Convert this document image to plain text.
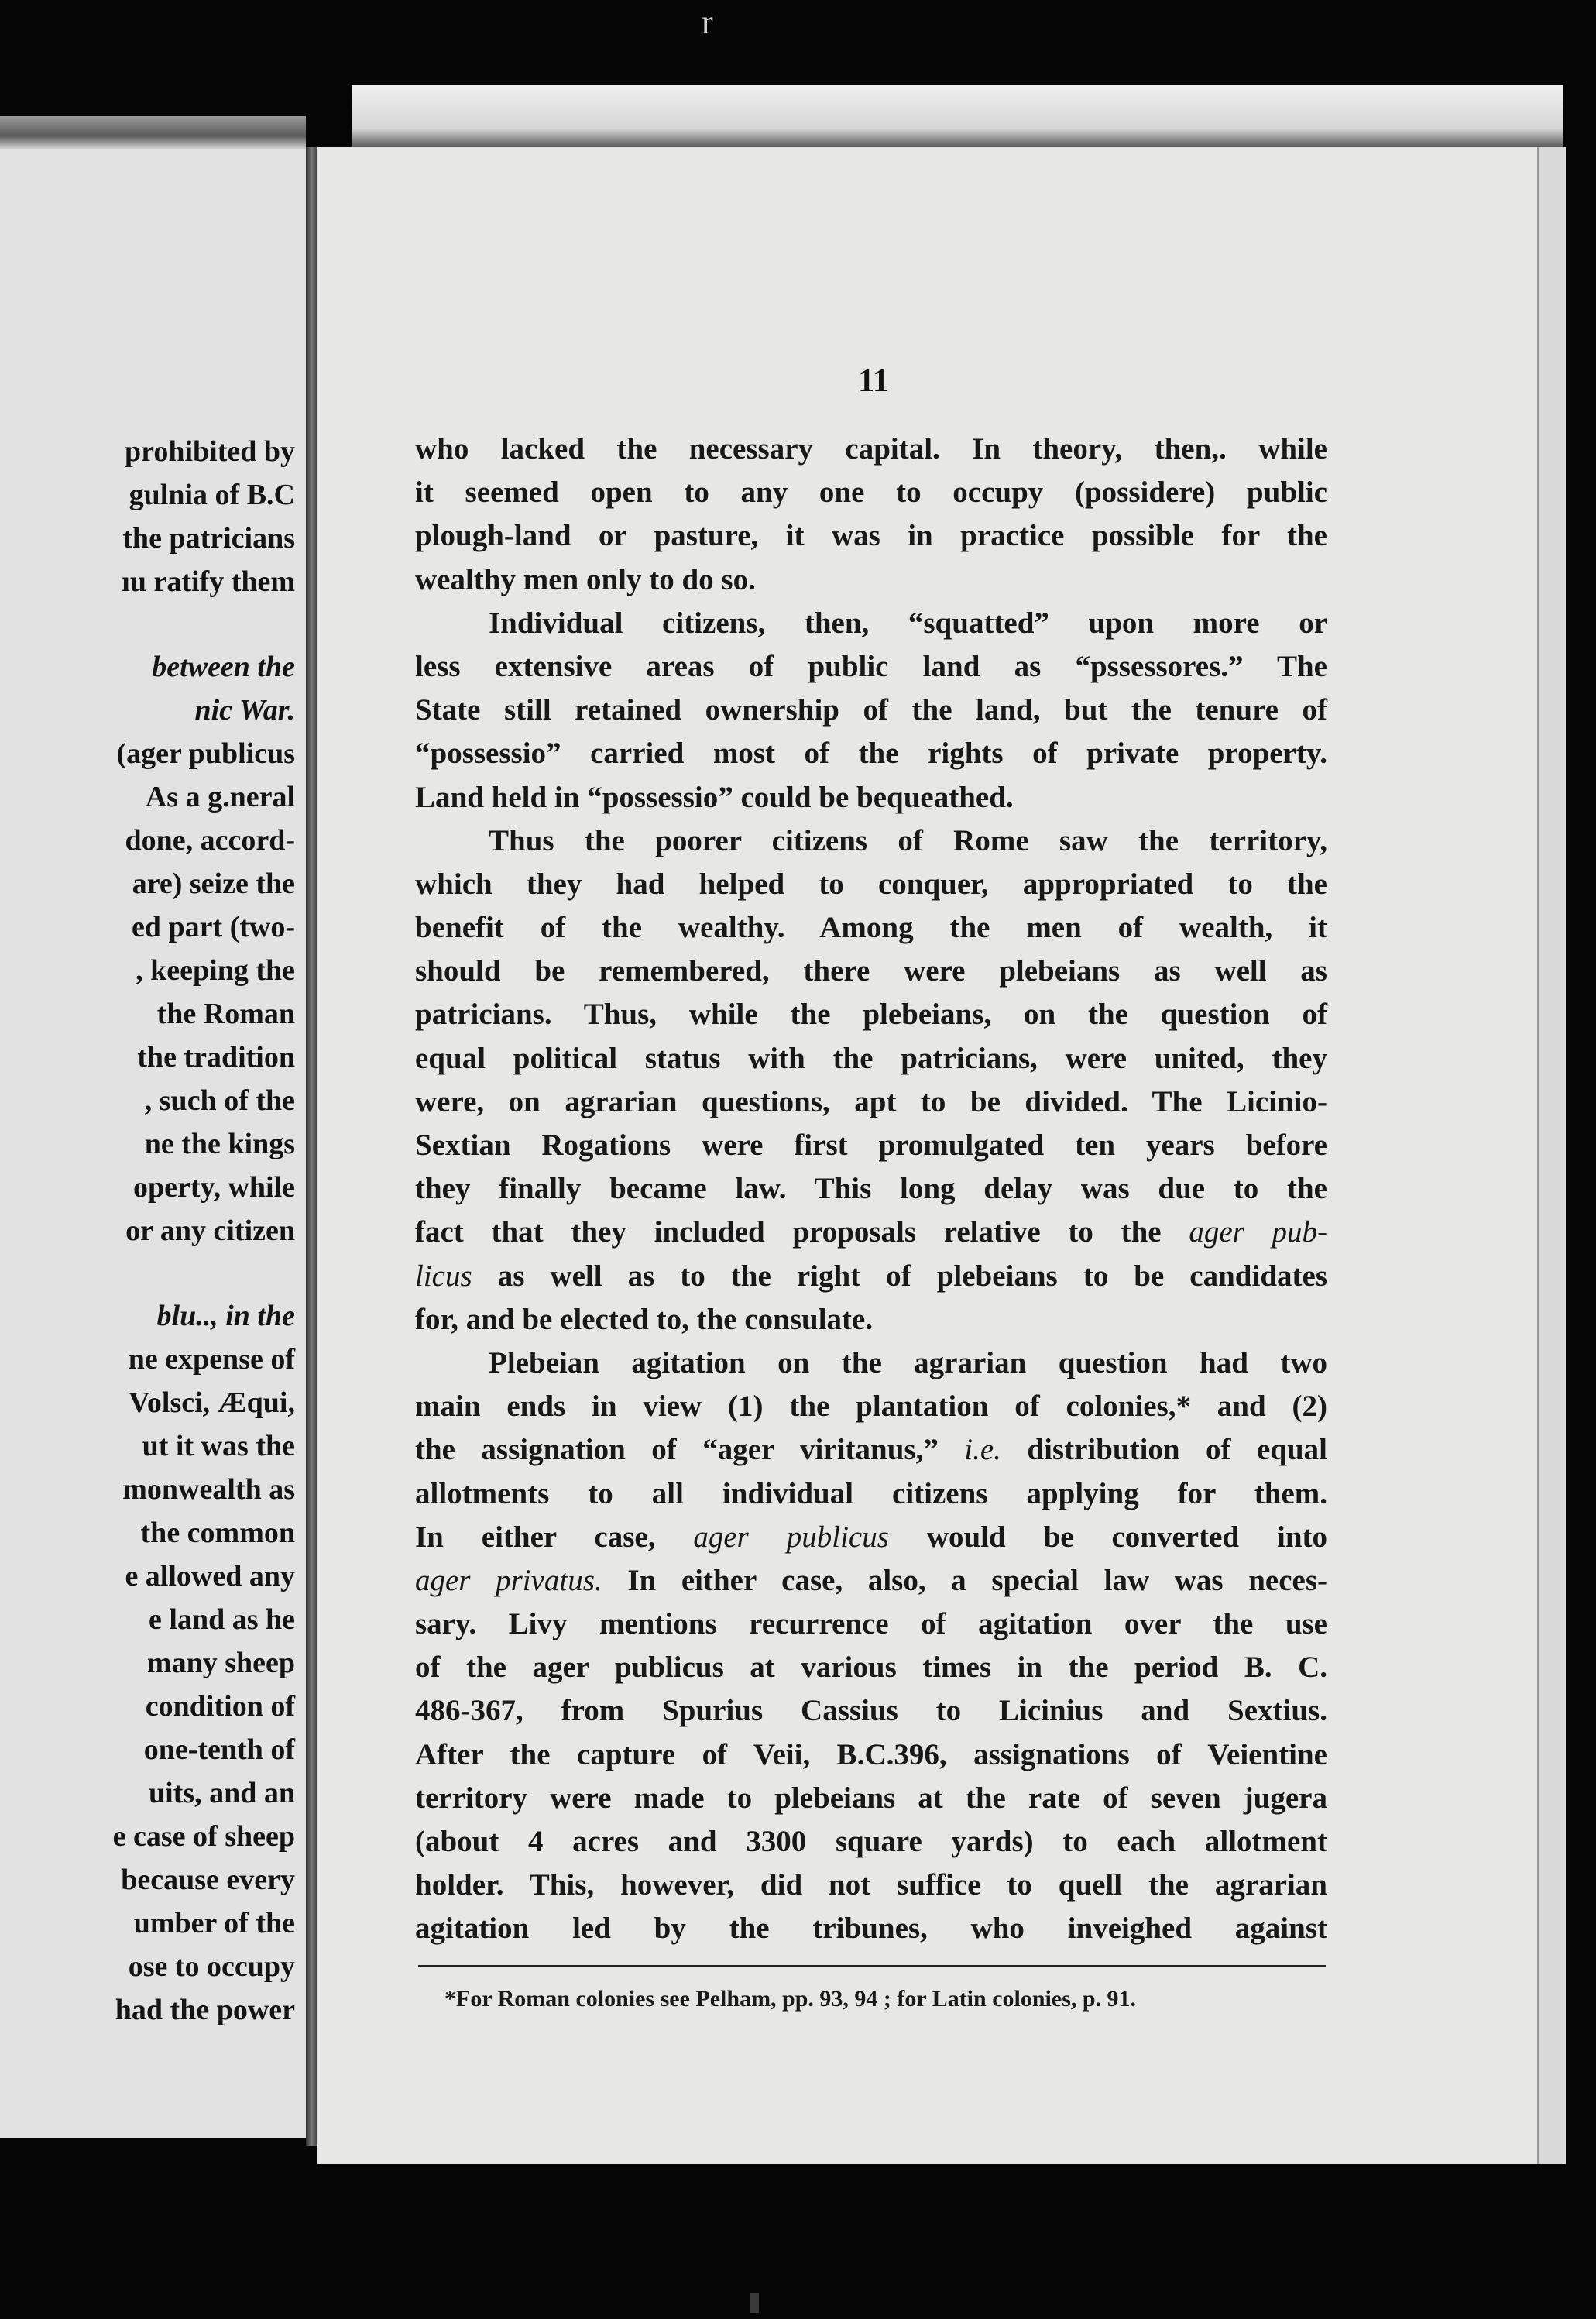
r
prohibited by
gulnia of B.C
the patricians
ıu ratify them
between the
nic War.
(ager publicus
As a g.neral
done, accord-
are) seize the
ed part (two-
, keeping the
the Roman
the tradition
, such of the
ne the kings
operty, while
or any citizen
blu.., in the
ne expense of
Volsci, Æqui,
ut it was the
monwealth as
the common
e allowed any
e land as he
many sheep
condition of
one-tenth of
uits, and an
e case of sheep
because every
umber of the
ose to occupy
had the power
11
who lacked the necessary capital. In theory, then,. while
it seemed open to any one to occupy (possidere) public
plough-land or pasture, it was in practice possible for the
wealthy men only to do so.
Individual citizens, then, “squatted” upon more or
less extensive areas of public land as “pssessores.” The
State still retained ownership of the land, but the tenure of
“possessio” carried most of the rights of private property.
Land held in “possessio” could be bequeathed.
Thus the poorer citizens of Rome saw the territory,
which they had helped to conquer, appropriated to the
benefit of the wealthy. Among the men of wealth, it
should be remembered, there were plebeians as well as
patricians. Thus, while the plebeians, on the question of
equal political status with the patricians, were united, they
were, on agrarian questions, apt to be divided. The Licinio-
Sextian Rogations were first promulgated ten years before
they finally became law. This long delay was due to the
fact that they included proposals relative to the ager pub-
licus as well as to the right of plebeians to be candidates
for, and be elected to, the consulate.
Plebeian agitation on the agrarian question had two
main ends in view (1) the plantation of colonies,* and (2)
the assignation of “ager viritanus,” i.e. distribution of equal
allotments to all individual citizens applying for them.
In either case, ager publicus would be converted into
ager privatus. In either case, also, a special law was neces-
sary. Livy mentions recurrence of agitation over the use
of the ager publicus at various times in the period B. C.
486-367, from Spurius Cassius to Licinius and Sextius.
After the capture of Veii, B.C.396, assignations of Veientine
territory were made to plebeians at the rate of seven jugera
(about 4 acres and 3300 square yards) to each allotment
holder. This, however, did not suffice to quell the agrarian
agitation led by the tribunes, who inveighed against
*For Roman colonies see Pelham, pp. 93, 94 ; for Latin colonies, p. 91.
